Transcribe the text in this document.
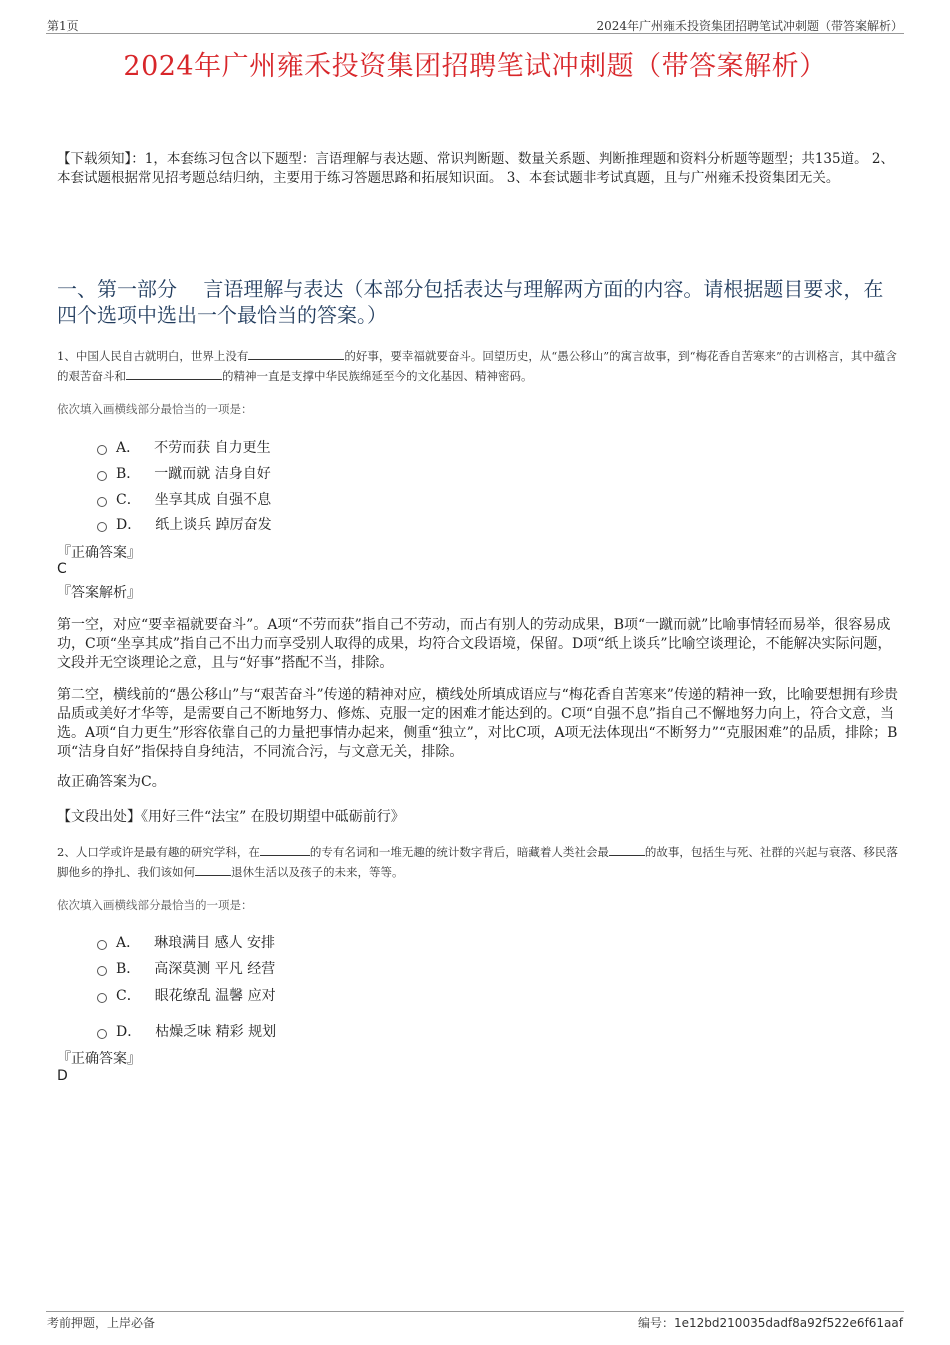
第1页	2024年广州雍禾投资集团招聘笔试冲刺题（带答案解析）
2024年广州雍禾投资集团招聘笔试冲刺题（带答案解析）
【下载须知】：1，本套练习包含以下题型：言语理解与表达题、常识判断题、数量关系题、判断推理题和资料分析题等题型；共135道。 2、本套试题根据常见招考题总结归纳，主要用于练习答题思路和拓展知识面。 3、本套试题非考试真题，且与广州雍禾投资集团无关。
一、第一部分　 言语理解与表达（本部分包括表达与理解两方面的内容。请根据题目要求，在四个选项中选出一个最恰当的答案。）
1、中国人民自古就明白，世界上没有	的好事，要幸福就要奋斗。回望历史，从“愚公移山”的寓言故事，到“梅花香自苦寒来”的古训格言，其中蕴含的艰苦奋斗和	的精神一直是支撑中华民族绵延至今的文化基因、精神密码。
依次填入画横线部分最恰当的一项是：
A． 不劳而获 自力更生
B． 一蹴而就 洁身自好
C． 坐享其成 自强不息
D． 纸上谈兵 踔厉奋发
『正确答案』
C
『答案解析』
第一空，对应“要幸福就要奋斗”。A项“不劳而获”指自己不劳动，而占有别人的劳动成果，B项“一蹴而就”比喻事情轻而易举，很容易成功，C项“坐享其成”指自己不出力而享受别人取得的成果，均符合文段语境，保留。D项“纸上谈兵”比喻空谈理论，不能解决实际问题，文段并无空谈理论之意，且与“好事”搭配不当，排除。
第二空，横线前的“愚公移山”与“艰苦奋斗”传递的精神对应，横线处所填成语应与“梅花香自苦寒来”传递的精神一致，比喻要想拥有珍贵品质或美好才华等，是需要自己不断地努力、修炼、克服一定的困难才能达到的。C项“自强不息”指自己不懈地努力向上，符合文意，当选。A项“自力更生”形容依靠自己的力量把事情办起来，侧重“独立”，对比C项，A项无法体现出“不断努力”“克服困难”的品质，排除；B项“洁身自好”指保持自身纯洁，不同流合污，与文意无关，排除。
故正确答案为C。
【文段出处】《用好三件“法宝” 在股切期望中砥砺前行》
2、人口学或许是最有趣的研究学科，在	的专有名词和一堆无趣的统计数字背后，暗藏着人类社会最	的故事，包括生与死、社群的兴起与衰落、移民落脚他乡的挣扎、我们该如何	退休生活以及孩子的未来，等等。
依次填入画横线部分最恰当的一项是：
A． 琳琅满目 感人 安排
B． 高深莫测 平凡 经营
C． 眼花缭乱 温馨 应对
D． 枯燥乏味 精彩 规划
『正确答案』
D
考前押题，上岸必备	编号：1e12bd210035dadf8a92f522e6f61aaf
